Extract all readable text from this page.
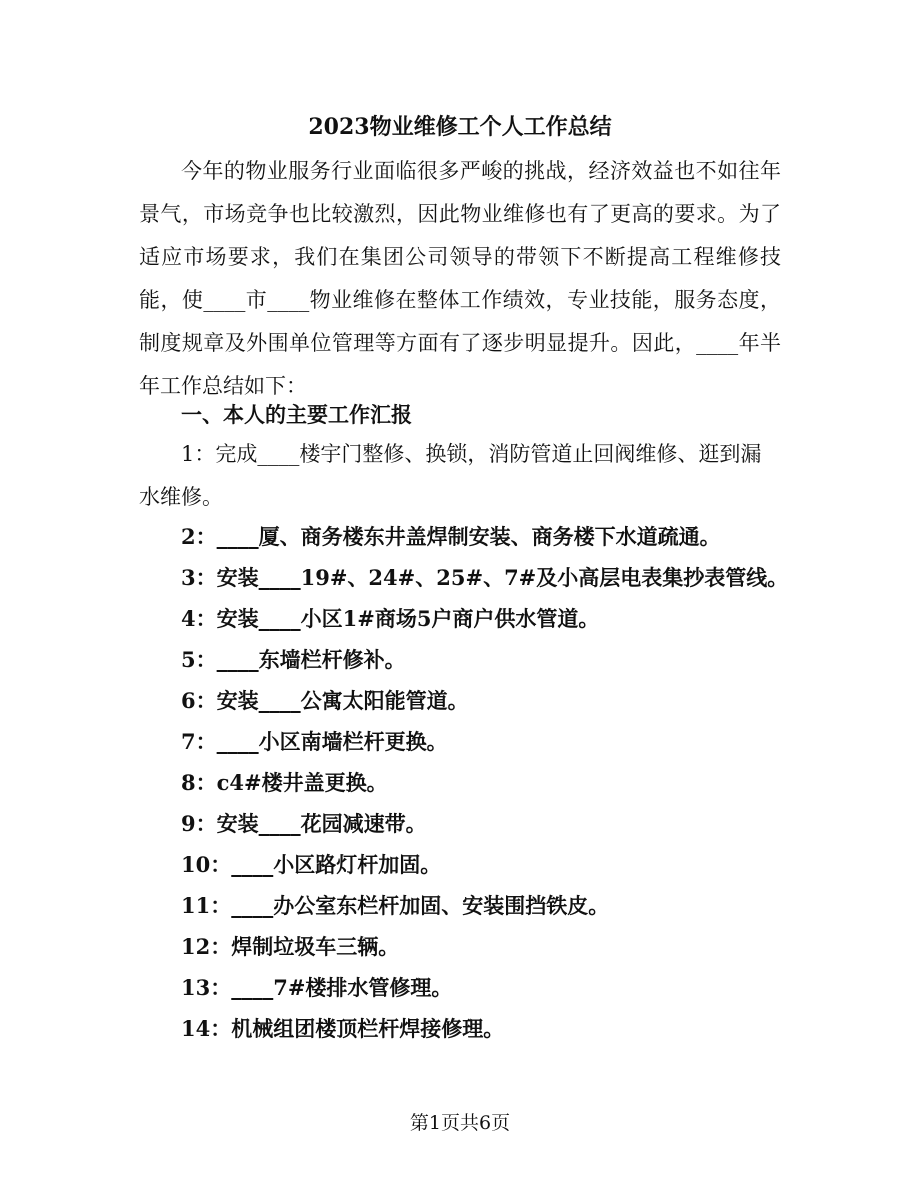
2023物业维修工个人工作总结

今年的物业服务行业面临很多严峻的挑战，经济效益也不如往年景气，市场竞争也比较激烈，因此物业维修也有了更高的要求。为了适应市场要求，我们在集团公司领导的带领下不断提高工程维修技能，使____市____物业维修在整体工作绩效，专业技能，服务态度，制度规章及外围单位管理等方面有了逐步明显提升。因此，____年半年工作总结如下：

一、本人的主要工作汇报

1：完成____楼宇门整修、换锁，消防管道止回阀维修、逛到漏水维修。

2：____厦、商务楼东井盖焊制安装、商务楼下水道疏通。

3：安装____19#、24#、25#、7#及小高层电表集抄表管线。

4：安装____小区1#商场5户商户供水管道。

5：____东墙栏杆修补。

6：安装____公寓太阳能管道。

7：____小区南墙栏杆更换。

8：c4#楼井盖更换。

9：安装____花园减速带。

10：____小区路灯杆加固。

11：____办公室东栏杆加固、安装围挡铁皮。

12：焊制垃圾车三辆。

13：____7#楼排水管修理。

14：机械组团楼顶栏杆焊接修理。

第1页共6页
